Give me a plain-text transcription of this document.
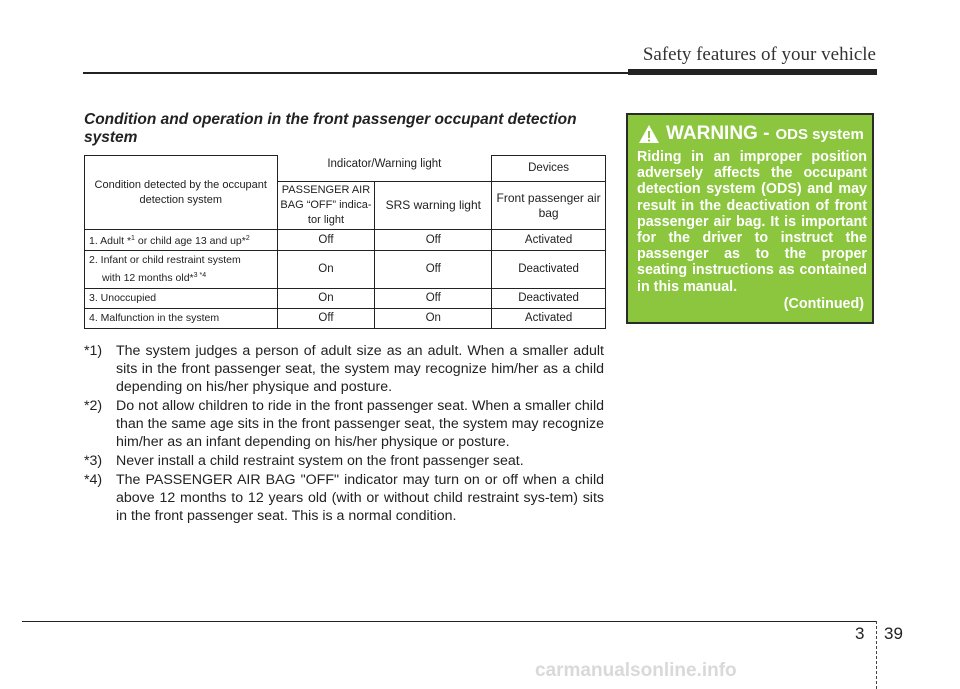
Safety features of your vehicle
Condition and operation in the front passenger occupant detection system
Condition detected by the occupant detection system	Indicator/Warning light		Devices
	PASSENGER AIR BAG “OFF” indica-tor light	SRS warning light	Front passenger air bag
1. Adult *$^1$ or child age 13 and up*$^2$	Off	Off	Activated

2. Infant or child restraint system
with 12 months old*$^3$ $^{*4}$	On	Off	Deactivated
3. Unoccupied	On	Off	Deactivated
4. Malfunction in the system	Off	On	Activated
*1) The system judges a person of adult size as an adult. When a smaller adult sits in the front passenger seat, the system may recognize him/her as a child depending on his/her physique and posture.
*2) Do not allow children to ride in the front passenger seat. When a smaller child than the same age sits in the front passenger seat, the system may recognize him/her as an infant depending on his/her physique or posture.
*3) Never install a child restraint system on the front passenger seat.
*4) The PASSENGER AIR BAG "OFF" indicator may turn on or off when a child above 12 months to 12 years old (with or without child restraint sys-tem) sits in the front passenger seat. This is a normal condition.
WARNING - ODS system
Riding in an improper position adversely affects the occupant detection system (ODS) and may result in the deactivation of front passenger air bag. It is important for the driver to instruct the passenger as to the proper seating instructions as contained in this manual.
(Continued)
3 39
carmanualsonline.info
